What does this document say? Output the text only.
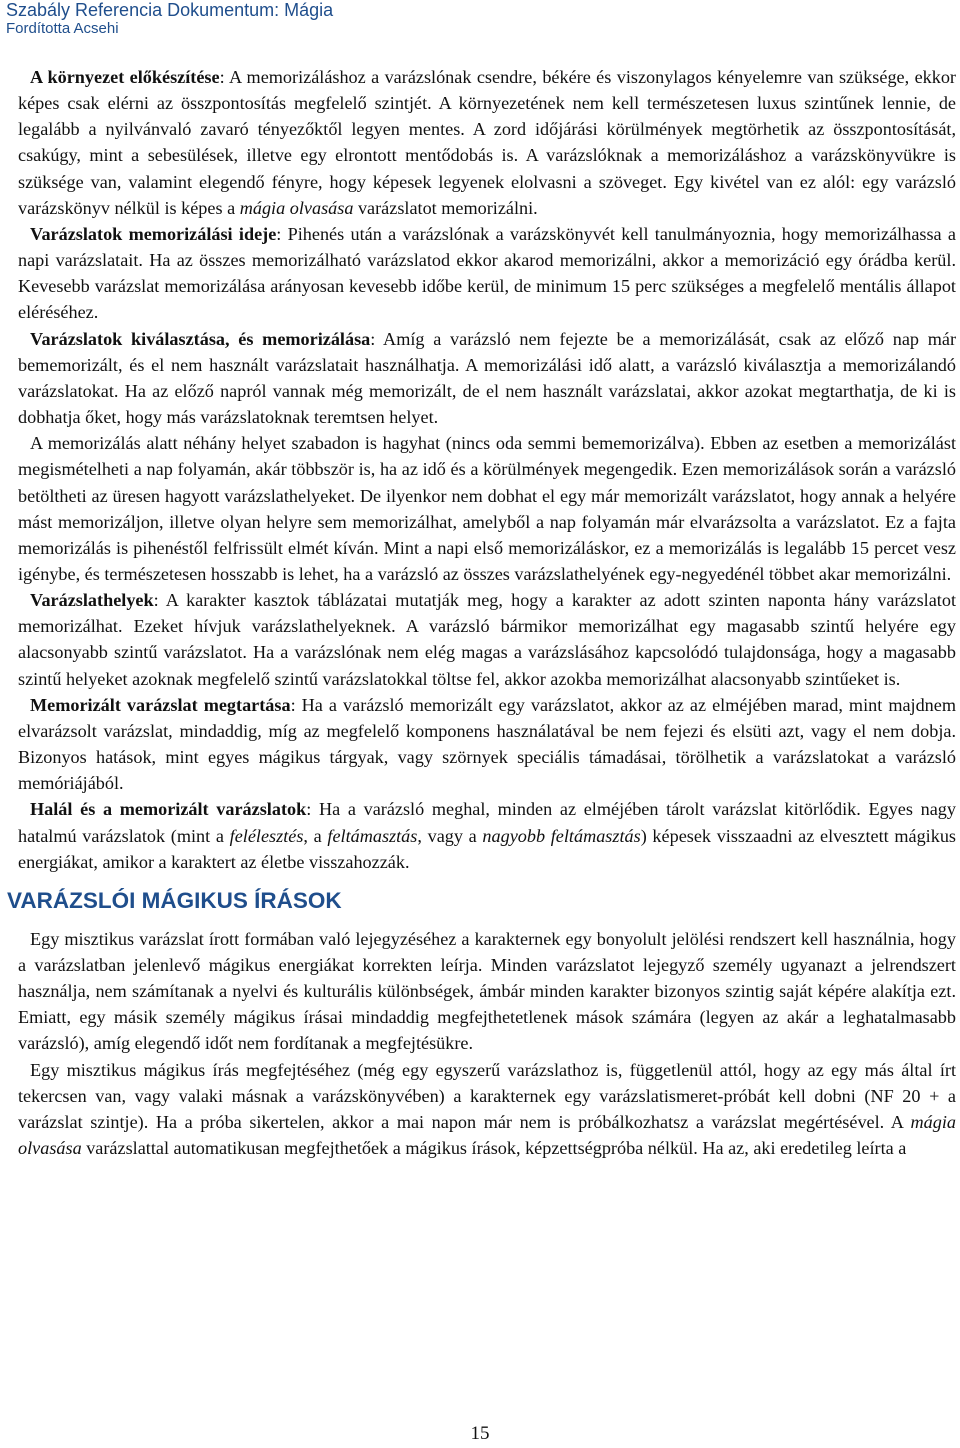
Szabály Referencia Dokumentum: Mágia
Fordította Acsehi

A környezet előkészítése: A memorizáláshoz a varázslónak csendre, békére és viszonylagos kényelemre van szüksége, ekkor képes csak elérni az összpontosítás megfelelő szintjét. A környezetének nem kell természetesen luxus szintűnek lennie, de legalább a nyilvánvaló zavaró tényezőktől legyen mentes. A zord időjárási körülmények megtörhetik az összpontosítását, csakúgy, mint a sebesülések, illetve egy elrontott mentődobás is. A varázslóknak a memorizáláshoz a varázskönyvükre is szüksége van, valamint elegendő fényre, hogy képesek legyenek elolvasni a szöveget. Egy kivétel van ez alól: egy varázsló varázskönyv nélkül is képes a mágia olvasása varázslatot memorizálni.

Varázslatok memorizálási ideje: Pihenés után a varázslónak a varázskönyvét kell tanulmányoznia, hogy memorizálhassa a napi varázslatait. Ha az összes memorizálható varázslatod ekkor akarod memorizálni, akkor a memorizáció egy órádba kerül. Kevesebb varázslat memorizálása arányosan kevesebb időbe kerül, de minimum 15 perc szükséges a megfelelő mentális állapot eléréséhez.

Varázslatok kiválasztása, és memorizálása: Amíg a varázsló nem fejezte be a memorizálását, csak az előző nap már bememorizált, és el nem használt varázslatait használhatja. A memorizálási idő alatt, a varázsló kiválasztja a memorizálandó varázslatokat. Ha az előző napról vannak még memorizált, de el nem használt varázslatai, akkor azokat megtarthatja, de ki is dobhatja őket, hogy más varázslatoknak teremtsen helyet.

A memorizálás alatt néhány helyet szabadon is hagyhat (nincs oda semmi bememorizálva). Ebben az esetben a memorizálást megismételheti a nap folyamán, akár többször is, ha az idő és a körülmények megengedik. Ezen memorizálások során a varázsló betöltheti az üresen hagyott varázslathelyeket. De ilyenkor nem dobhat el egy már memorizált varázslatot, hogy annak a helyére mást memorizáljon, illetve olyan helyre sem memorizálhat, amelyből a nap folyamán már elvarázsolta a varázslatot. Ez a fajta memorizálás is pihenéstől felfrissült elmét kíván. Mint a napi első memorizáláskor, ez a memorizálás is legalább 15 percet vesz igénybe, és természetesen hosszabb is lehet, ha a varázsló az összes varázslathelyének egy-negyedénél többet akar memorizálni.

Varázslathelyek: A karakter kasztok táblázatai mutatják meg, hogy a karakter az adott szinten naponta hány varázslatot memorizálhat. Ezeket hívjuk varázslathelyeknek. A varázsló bármikor memorizálhat egy magasabb szintű helyére egy alacsonyabb szintű varázslatot. Ha a varázslónak nem elég magas a varázslásához kapcsolódó tulajdonsága, hogy a magasabb szintű helyeket azoknak megfelelő szintű varázslatokkal töltse fel, akkor azokba memorizálhat alacsonyabb szintűeket is.

Memorizált varázslat megtartása: Ha a varázsló memorizált egy varázslatot, akkor az az elméjében marad, mint majdnem elvarázsolt varázslat, mindaddig, míg az megfelelő komponens használatával be nem fejezi és elsüti azt, vagy el nem dobja. Bizonyos hatások, mint egyes mágikus tárgyak, vagy szörnyek speciális támadásai, törölhetik a varázslatokat a varázsló memóriájából.

Halál és a memorizált varázslatok: Ha a varázsló meghal, minden az elméjében tárolt varázslat kitörlődik. Egyes nagy hatalmú varázslatok (mint a felélesztés, a feltámasztás, vagy a nagyobb feltámasztás) képesek visszaadni az elvesztett mágikus energiákat, amikor a karaktert az életbe visszahozzák.

VARÁZSLÓI MÁGIKUS ÍRÁSOK

Egy misztikus varázslat írott formában való lejegyzéséhez a karakternek egy bonyolult jelölési rendszert kell használnia, hogy a varázslatban jelenlevő mágikus energiákat korrekten leírja. Minden varázslatot lejegyző személy ugyanazt a jelrendszert használja, nem számítanak a nyelvi és kulturális különbségek, ámbár minden karakter bizonyos szintig saját képére alakítja ezt. Emiatt, egy másik személy mágikus írásai mindaddig megfejthetetlenek mások számára (legyen az akár a leghatalmasabb varázsló), amíg elegendő időt nem fordítanak a megfejtésükre.

Egy misztikus mágikus írás megfejtéséhez (még egy egyszerű varázslathoz is, függetlenül attól, hogy az egy más által írt tekercsen van, vagy valaki másnak a varázskönyvében) a karakternek egy varázslatismeret-próbát kell dobni (NF 20 + a varázslat szintje). Ha a próba sikertelen, akkor a mai napon már nem is próbálkozhatsz a varázslat megértésével. A mágia olvasása varázslattal automatikusan megfejthetőek a mágikus írások, képzettségpróba nélkül. Ha az, aki eredetileg leírta a

15
